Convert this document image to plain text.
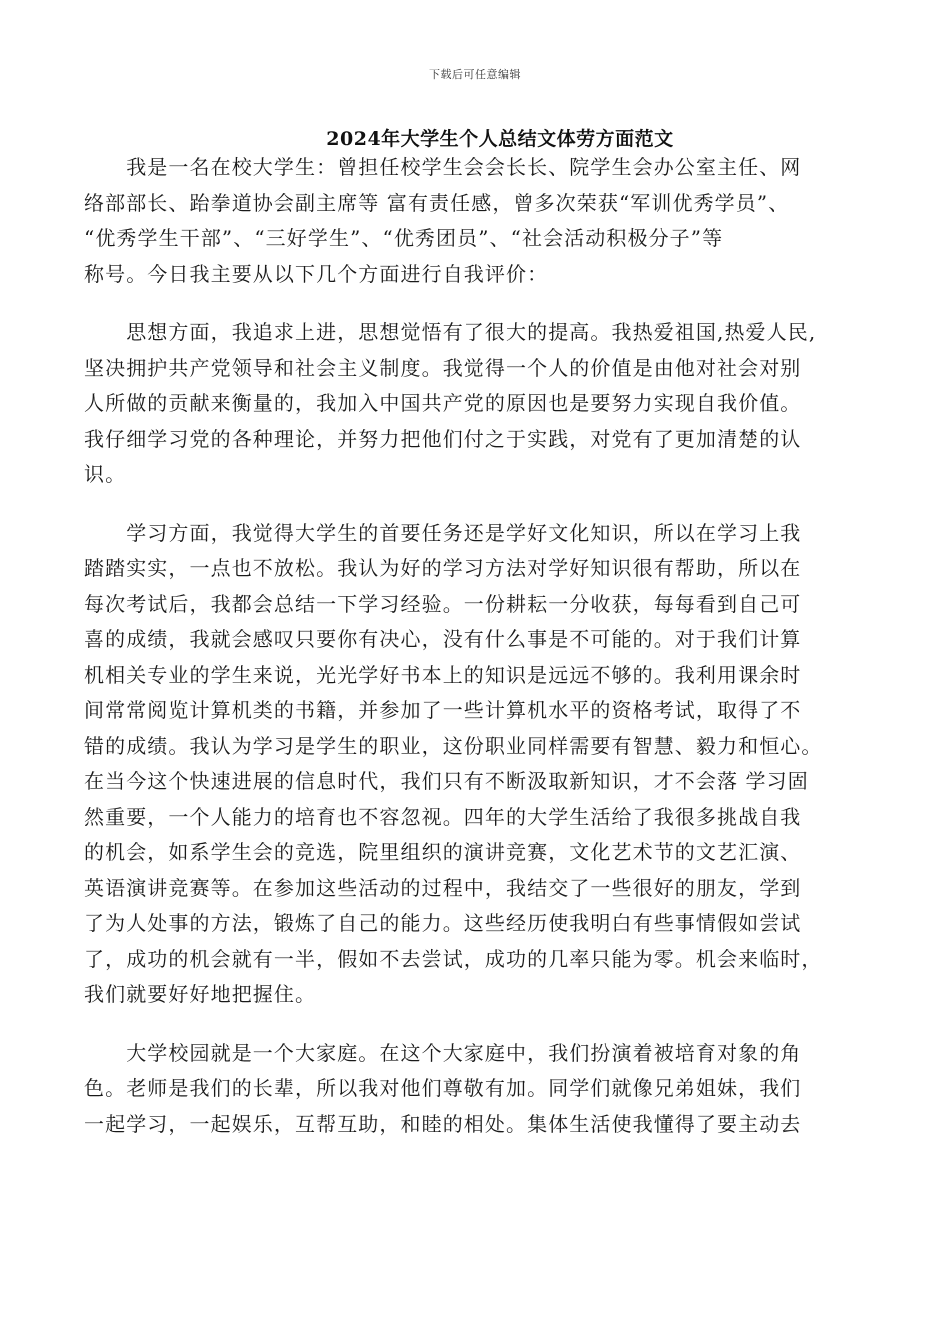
下载后可任意编辑
2024年大学生个人总结文体劳方面范文
　　我是一名在校大学生：曾担任校学生会会长长、院学生会办公室主任、网
络部部长、跆拳道协会副主席等 富有责任感，曾多次荣获“军训优秀学员”、
“优秀学生干部”、“三好学生”、“优秀团员”、“社会活动积极分子”等
称号。今日我主要从以下几个方面进行自我评价：
　　思想方面，我追求上进，思想觉悟有了很大的提高。我热爱祖国,热爱人民,
坚决拥护共产党领导和社会主义制度。我觉得一个人的价值是由他对社会对别
人所做的贡献来衡量的，我加入中国共产党的原因也是要努力实现自我价值。
我仔细学习党的各种理论，并努力把他们付之于实践，对党有了更加清楚的认
识。
　　学习方面，我觉得大学生的首要任务还是学好文化知识，所以在学习上我
踏踏实实，一点也不放松。我认为好的学习方法对学好知识很有帮助，所以在
每次考试后，我都会总结一下学习经验。一份耕耘一分收获，每每看到自己可
喜的成绩，我就会感叹只要你有决心，没有什么事是不可能的。对于我们计算
机相关专业的学生来说，光光学好书本上的知识是远远不够的。我利用课余时
间常常阅览计算机类的书籍，并参加了一些计算机水平的资格考试，取得了不
错的成绩。我认为学习是学生的职业，这份职业同样需要有智慧、毅力和恒心。
在当今这个快速进展的信息时代，我们只有不断汲取新知识，才不会落 学习固
然重要，一个人能力的培育也不容忽视。四年的大学生活给了我很多挑战自我
的机会，如系学生会的竞选，院里组织的演讲竞赛，文化艺术节的文艺汇演、
英语演讲竞赛等。在参加这些活动的过程中，我结交了一些很好的朋友，学到
了为人处事的方法，锻炼了自己的能力。这些经历使我明白有些事情假如尝试
了，成功的机会就有一半，假如不去尝试，成功的几率只能为零。机会来临时，
我们就要好好地把握住。
　　大学校园就是一个大家庭。在这个大家庭中，我们扮演着被培育对象的角
色。老师是我们的长辈，所以我对他们尊敬有加。同学们就像兄弟姐妹，我们
一起学习，一起娱乐，互帮互助，和睦的相处。集体生活使我懂得了要主动去
